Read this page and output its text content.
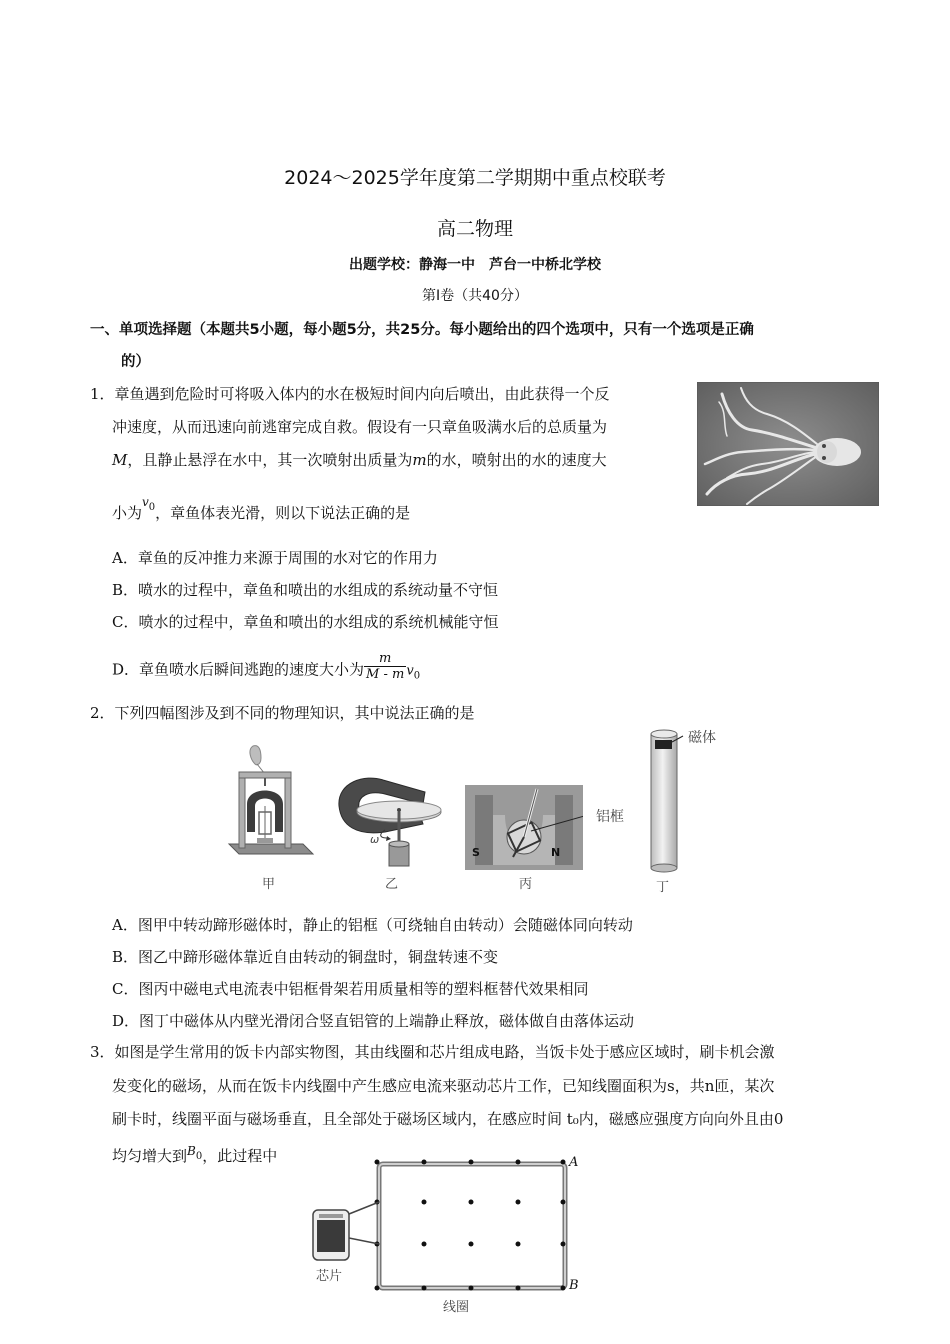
2024～2025学年度第二学期期中重点校联考
高二物理
出题学校：静海一中　芦台一中桥北学校
第Ⅰ卷（共40分）
一、单项选择题（本题共5小题，每小题5分，共25分。每小题给出的四个选项中，只有一个选项是正确
的）
1．章鱼遇到危险时可将吸入体内的水在极短时间内向后喷出，由此获得一个反
冲速度，从而迅速向前逃窜完成自救。假设有一只章鱼吸满水后的总质量为
M，且静止悬浮在水中，其一次喷射出质量为m的水，喷射出的水的速度大
小为$v_0$，章鱼体表光滑，则以下说法正确的是
A．章鱼的反冲推力来源于周围的水对它的作用力
B．喷水的过程中，章鱼和喷出的水组成的系统动量不守恒
C．喷水的过程中，章鱼和喷出的水组成的系统机械能守恒
D．章鱼喷水后瞬间逃跑的速度大小为 $\frac{m}{M - m} v_0$
2．下列四幅图涉及到不同的物理知识，其中说法正确的是
甲
ω
乙
S	N
铝框
丙
磁体
丁
A．图甲中转动蹄形磁体时，静止的铝框（可绕轴自由转动）会随磁体同向转动
B．图乙中蹄形磁体靠近自由转动的铜盘时，铜盘转速不变
C．图丙中磁电式电流表中铝框骨架若用质量相等的塑料框替代效果相同
D．图丁中磁体从内壁光滑闭合竖直铝管的上端静止释放，磁体做自由落体运动
3．如图是学生常用的饭卡内部实物图，其由线圈和芯片组成电路，当饭卡处于感应区域时，刷卡机会激
发变化的磁场，从而在饭卡内线圈中产生感应电流来驱动芯片工作，已知线圈面积为s，共n匝，某次
刷卡时，线圈平面与磁场垂直，且全部处于磁场区域内，在感应时间 t₀内，磁感应强度方向向外且由0
均匀增大到$B_0$，此过程中	A
B
芯片
线圈
